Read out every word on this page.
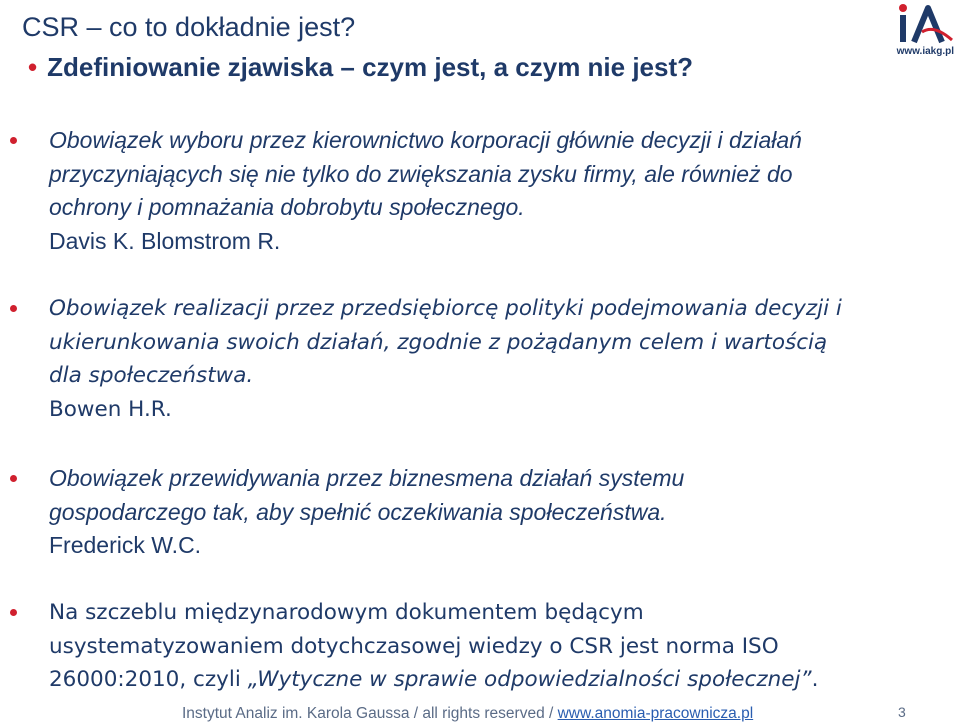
CSR – co to dokładnie jest?
• Zdefiniowanie zjawiska – czym jest, a czym nie jest?
www.iakg.pl
Obowiązek wyboru przez kierownictwo korporacji głównie decyzji i działań
przyczyniających się nie tylko do zwiększania zysku firmy, ale również do
ochrony i pomnażania dobrobytu społecznego.
Davis K. Blomstrom R.
Obowiązek realizacji przez przedsiębiorcę polityki podejmowania decyzji i
ukierunkowania swoich działań, zgodnie z pożądanym celem i wartością
dla społeczeństwa.
Bowen H.R.
Obowiązek przewidywania przez biznesmena działań systemu
gospodarczego tak, aby spełnić oczekiwania społeczeństwa.
Frederick W.C.
Na szczeblu międzynarodowym dokumentem będącym
usystematyzowaniem dotychczasowej wiedzy o CSR jest norma ISO
26000:2010, czyli „Wytyczne w sprawie odpowiedzialności społecznej”.
Instytut Analiz im. Karola Gaussa / all rights reserved / www.anomia-pracownicza.pl	3
